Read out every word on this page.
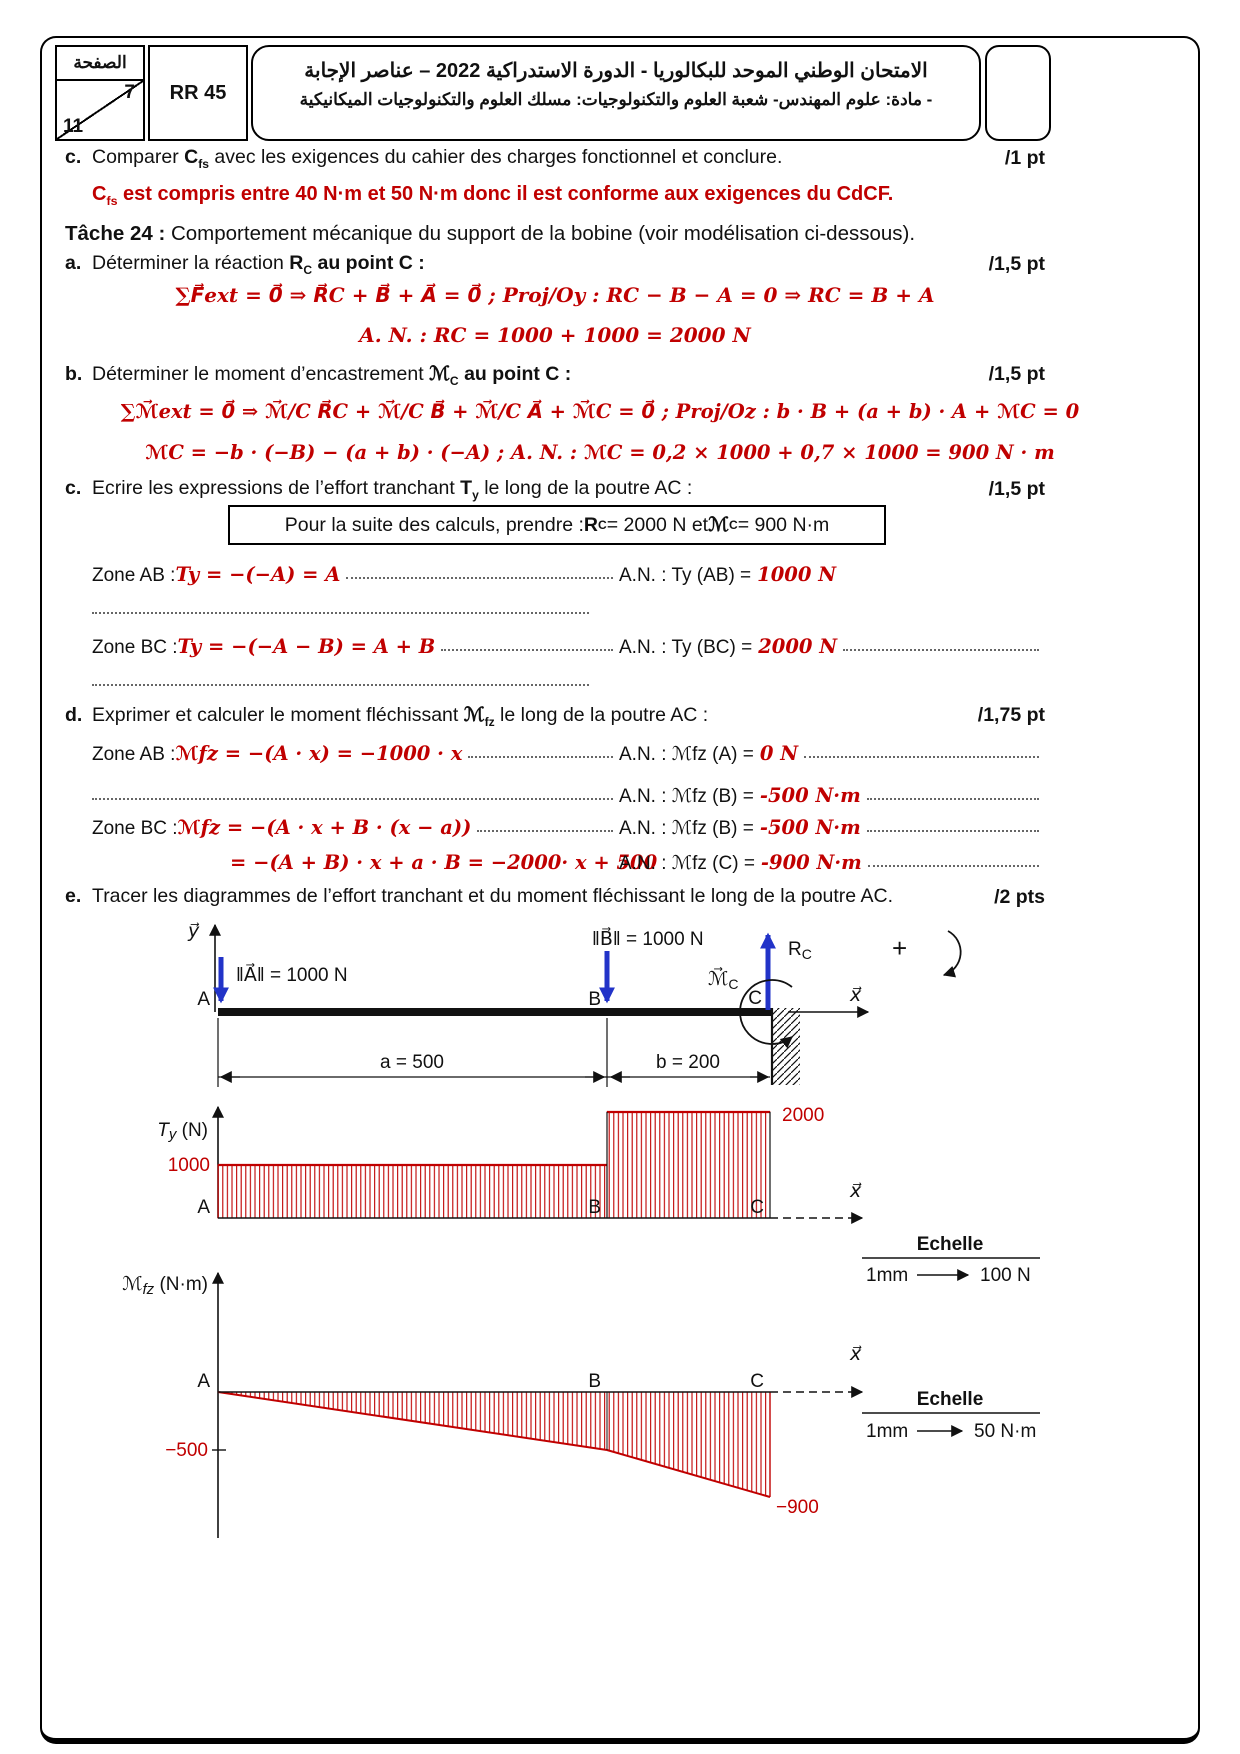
الصفحة
7
11
RR 45
الامتحان الوطني الموحد للبكالوريا - الدورة الاستدراكية 2022 – عناصر الإجابة
- مادة: علوم المهندس- شعبة العلوم والتكنولوجيات: مسلك العلوم والتكنولوجيات الميكانيكية
c. Comparer $C_{fs}$ avec les exigences du cahier des charges fonctionnel et conclure.	/1 pt
$C_{fs}$ est compris entre 40 N·m et 50 N·m donc il est conforme aux exigences du CdCF.
Tâche 24 : Comportement mécanique du support de la bobine (voir modélisation ci-dessous).
a. Déterminer la réaction $R_C$ au point C :	/1,5 pt
∑F⃗ext = 0⃗ ⇒ R⃗C + B⃗ + A⃗ = 0⃗ ; Proj/Oy : RC − B − A = 0 ⇒ RC = B + A
A. N. : RC = 1000 + 1000 = 2000 N
b. Déterminer le moment d’encastrement ℳ$_C$ au point C :	/1,5 pt
∑ℳ⃗ext = 0⃗ ⇒ ℳ⃗/C R⃗C + ℳ⃗/C B⃗ + ℳ⃗/C A⃗ + ℳ⃗C = 0⃗ ; Proj/Oz : b · B + (a + b) · A + ℳC = 0
ℳC = −b · (−B) − (a + b) · (−A) ; A. N. : ℳC = 0,2 × 1000 + 0,7 × 1000 = 900 N · m
c. Ecrire les expressions de l’effort tranchant $T_y$ le long de la poutre AC :	/1,5 pt
Pour la suite des calculs, prendre : R C = 2000 N et ℳ C = 900 N·m
Zone AB : Ty = −(−A) = A	A.N. : Ty (AB) = 1000 N
Zone BC : Ty = −(−A − B) = A + B	A.N. : Ty (BC) = 2000 N
d. Exprimer et calculer le moment fléchissant ℳ$_{fz}$ le long de la poutre AC :	/1,75 pt
Zone AB : ℳfz = −(A · x) = −1000 · x	A.N. : ℳfz (A) = 0 N
A.N. : ℳfz (B) = -500 N·m
Zone BC : ℳfz = −(A · x + B · (x − a))	A.N. : ℳfz (B) = -500 N·m
= −(A + B) · x + a · B = −2000· x + 500
A.N. : ℳfz (C) = -900 N·m
e. Tracer les diagrammes de l’effort tranchant et du moment fléchissant le long de la poutre AC.	/2 pts
y⃗
‖A⃗‖ = 1000 N
A
‖B⃗‖ = 1000 N
B
$R_C$
C
$ℳ⃗_C$	x⃗
+
a = 500	b = 200
Ty (N)
x⃗
1000
2000
A	B	C
Echelle
1mm	100 N
ℳ$_{fz}$ (N·m)
x⃗
A	B	C
−500
−900
Echelle
1mm	50 N·m
